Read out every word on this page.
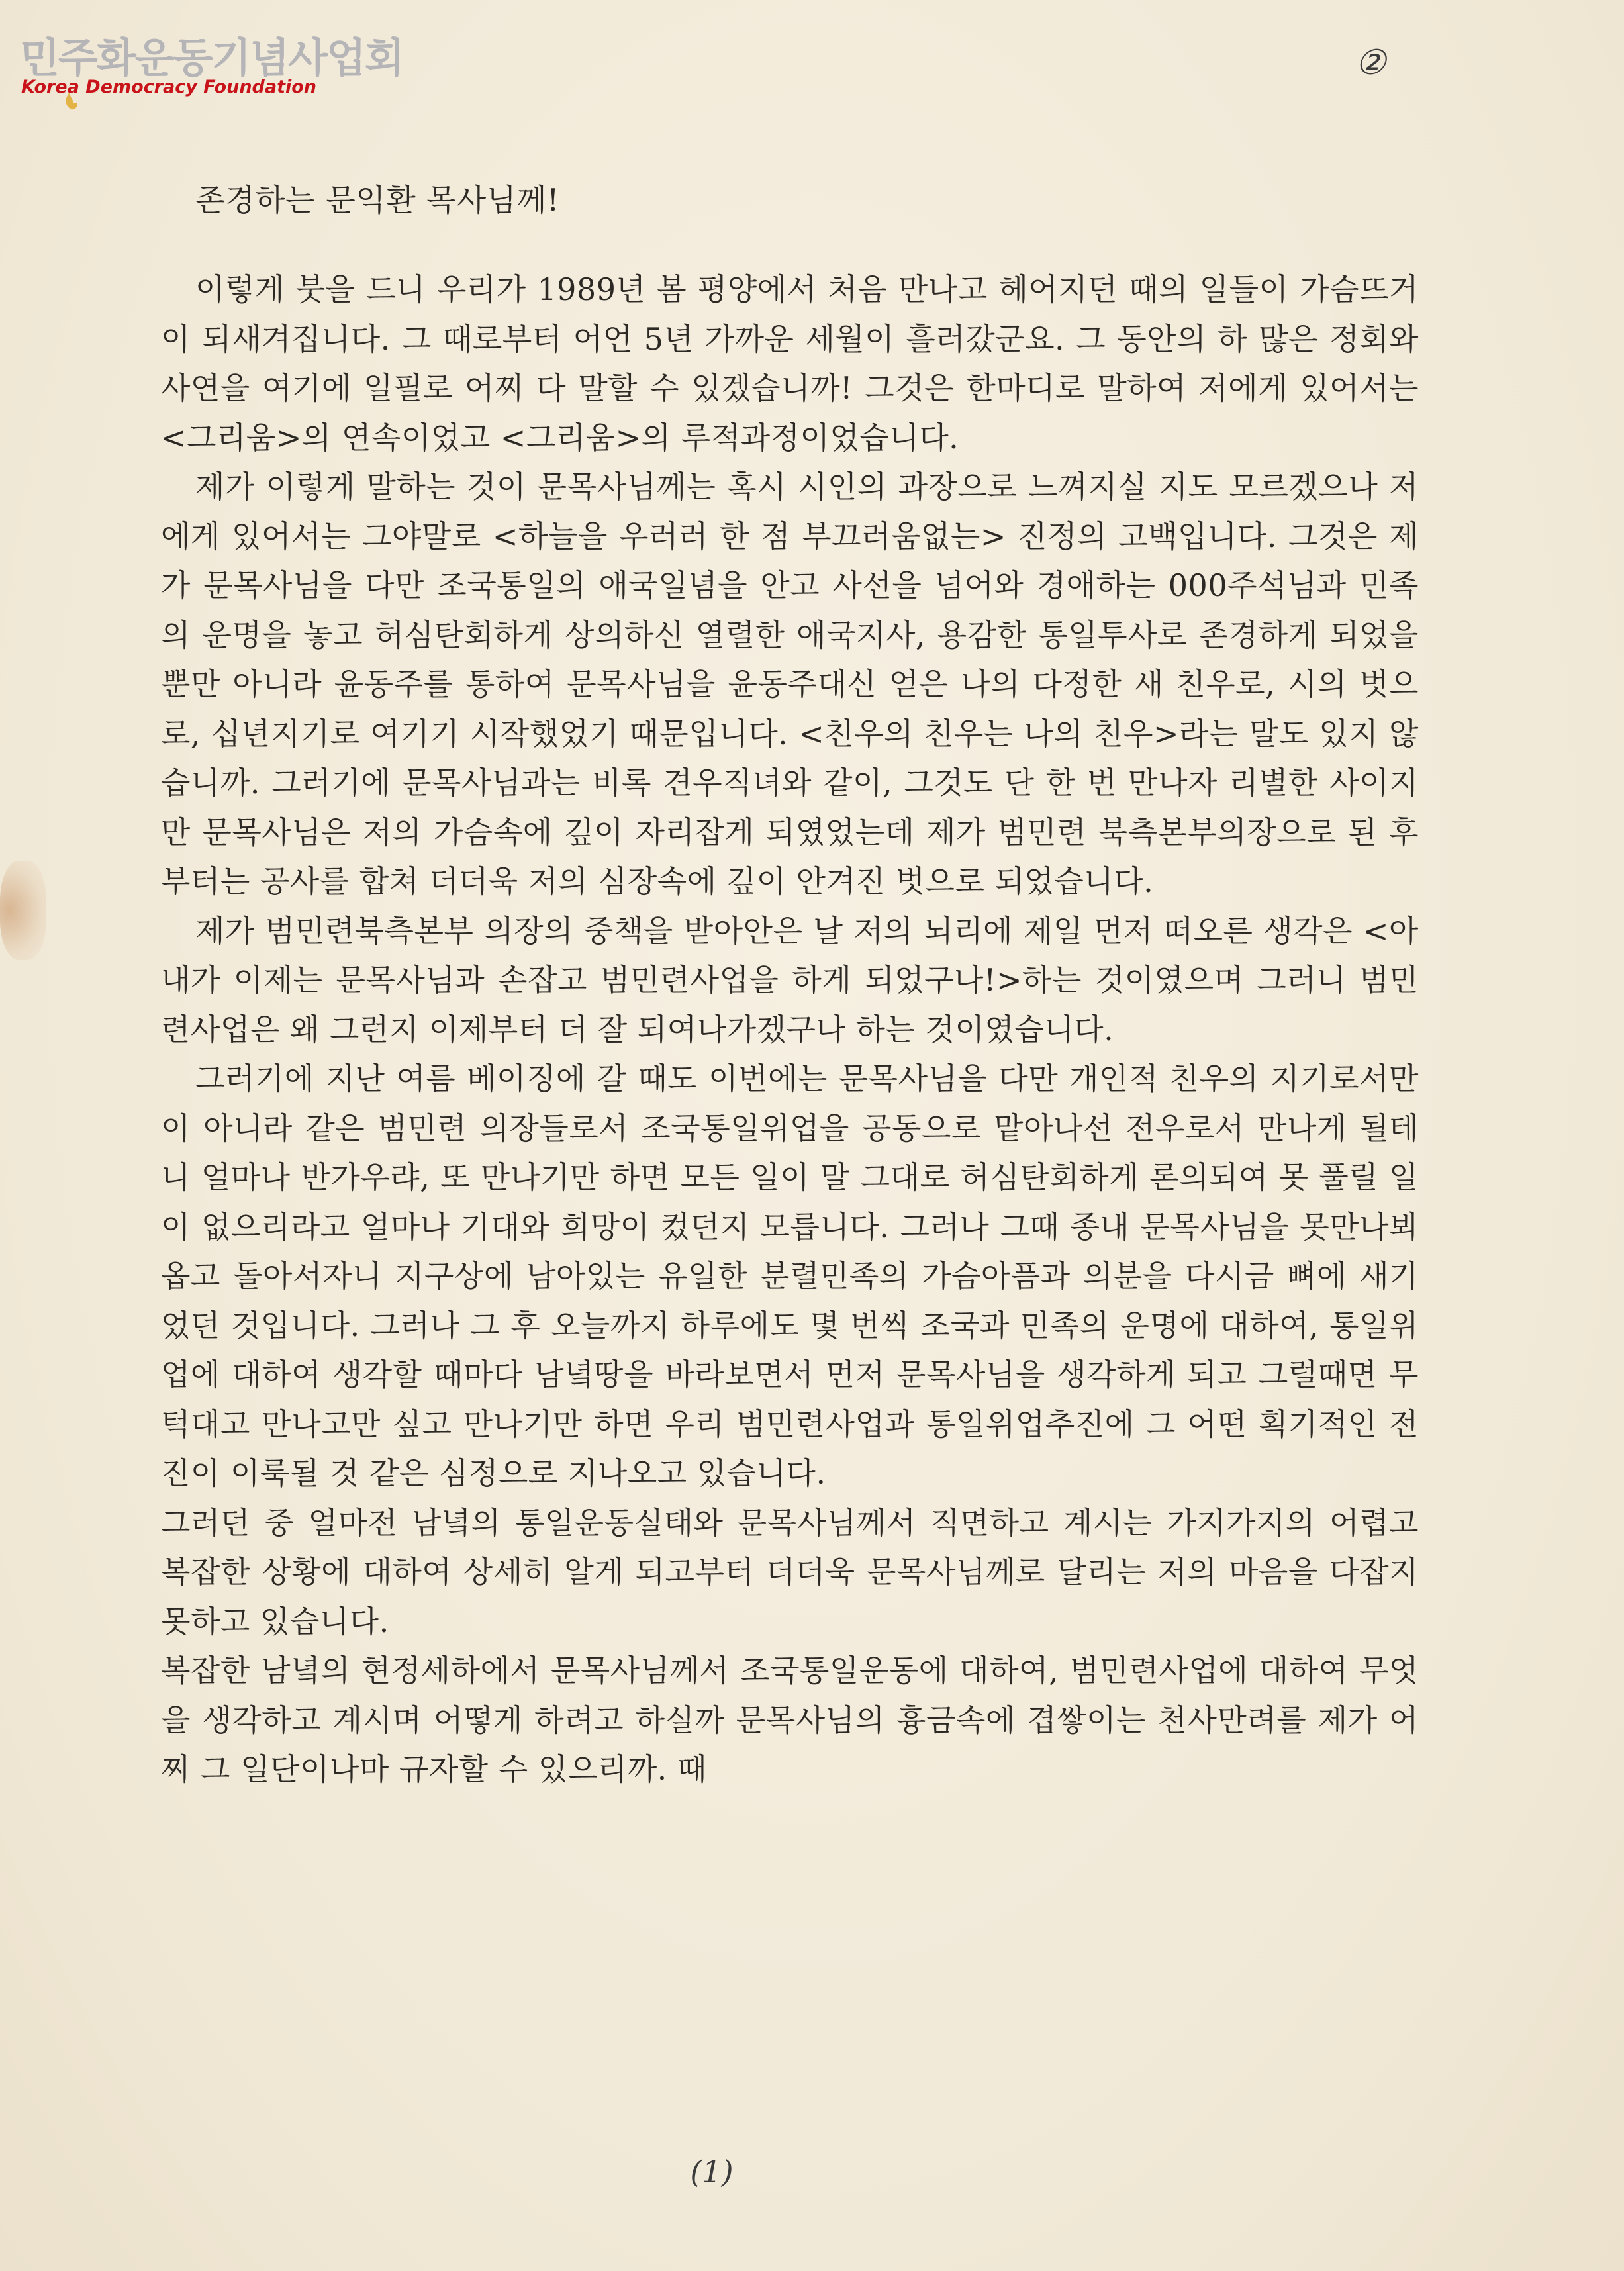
민주화운동기념사업회
Korea Democracy Foundation
②

존경하는 문익환 목사님께!

이렇게 붓을 드니 우리가 1989년 봄 평양에서 처음 만나고 헤어지던 때의 일들이 가슴뜨거이 되새겨집니다. 그 때로부터 어언 5년 가까운 세월이 흘러갔군요. 그 동안의 하 많은 정회와 사연을 여기에 일필로 어찌 다 말할 수 있겠습니까! 그것은 한마디로 말하여 저에게 있어서는 <그리움>의 연속이었고 <그리움>의 루적과정이었습니다.

제가 이렇게 말하는 것이 문목사님께는 혹시 시인의 과장으로 느껴지실 지도 모르겠으나 저에게 있어서는 그야말로 <하늘을 우러러 한 점 부끄러움없는> 진정의 고백입니다. 그것은 제가 문목사님을 다만 조국통일의 애국일념을 안고 사선을 넘어와 경애하는 000주석님과 민족의 운명을 놓고 허심탄회하게 상의하신 열렬한 애국지사, 용감한 통일투사로 존경하게 되었을 뿐만 아니라 윤동주를 통하여 문목사님을 윤동주대신 얻은 나의 다정한 새 친우로, 시의 벗으로, 십년지기로 여기기 시작했었기 때문입니다. <친우의 친우는 나의 친우>라는 말도 있지 않습니까. 그러기에 문목사님과는 비록 견우직녀와 같이, 그것도 단 한 번 만나자 리별한 사이지만 문목사님은 저의 가슴속에 깊이 자리잡게 되였었는데 제가 범민련 북측본부의장으로 된 후부터는 공사를 합쳐 더더욱 저의 심장속에 깊이 안겨진 벗으로 되었습니다.

제가 범민련북측본부 의장의 중책을 받아안은 날 저의 뇌리에 제일 먼저 떠오른 생각은 <아 내가 이제는 문목사님과 손잡고 범민련사업을 하게 되었구나!>하는 것이였으며 그러니 범민련사업은 왜 그런지 이제부터 더 잘 되여나가겠구나 하는 것이였습니다.

그러기에 지난 여름 베이징에 갈 때도 이번에는 문목사님을 다만 개인적 친우의 지기로서만이 아니라 같은 범민련 의장들로서 조국통일위업을 공동으로 맡아나선 전우로서 만나게 될테니 얼마나 반가우랴, 또 만나기만 하면 모든 일이 말 그대로 허심탄회하게 론의되여 못 풀릴 일이 없으리라고 얼마나 기대와 희망이 컸던지 모릅니다. 그러나 그때 종내 문목사님을 못만나뵈옵고 돌아서자니 지구상에 남아있는 유일한 분렬민족의 가슴아픔과 의분을 다시금 뼈에 새기었던 것입니다. 그러나 그 후 오늘까지 하루에도 몇 번씩 조국과 민족의 운명에 대하여, 통일위업에 대하여 생각할 때마다 남녘땅을 바라보면서 먼저 문목사님을 생각하게 되고 그럴때면 무턱대고 만나고만 싶고 만나기만 하면 우리 범민련사업과 통일위업추진에 그 어떤 획기적인 전진이 이룩될 것 같은 심정으로 지나오고 있습니다.

그러던 중 얼마전 남녘의 통일운동실태와 문목사님께서 직면하고 계시는 가지가지의 어렵고 복잡한 상황에 대하여 상세히 알게 되고부터 더더욱 문목사님께로 달리는 저의 마음을 다잡지 못하고 있습니다.

복잡한 남녘의 현정세하에서 문목사님께서 조국통일운동에 대하여, 범민련사업에 대하여 무엇을 생각하고 계시며 어떻게 하려고 하실까 문목사님의 흉금속에 겹쌓이는 천사만려를 제가 어찌 그 일단이나마 규자할 수 있으리까. 때

(1)
